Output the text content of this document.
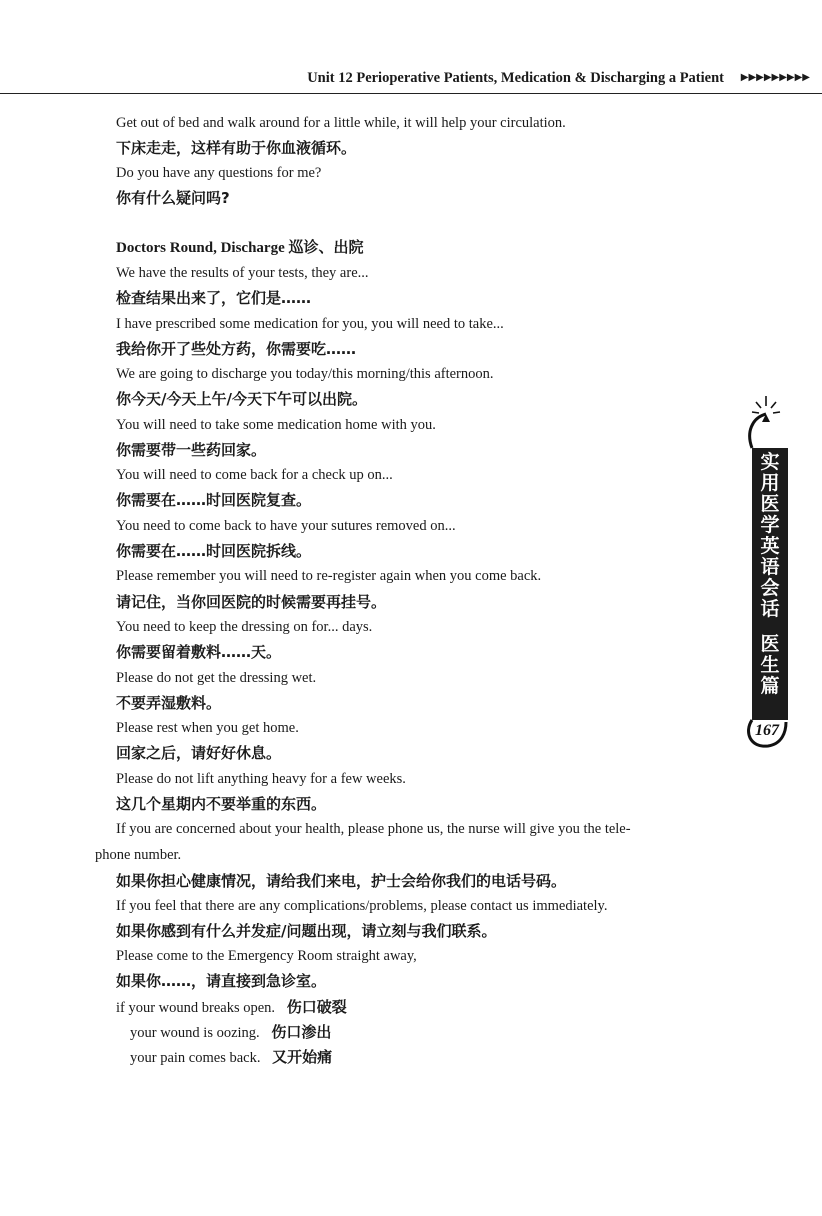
Unit 12 Perioperative Patients, Medication & Discharging a Patient ▶▶▶▶▶▶▶▶▶
Get out of bed and walk around for a little while, it will help your circulation.
下床走走，这样有助于你血液循环。
Do you have any questions for me?
你有什么疑问吗?
Doctors Round, Discharge 巡诊、出院
We have the results of your tests, they are...
检查结果出来了，它们是……
I have prescribed some medication for you, you will need to take...
我给你开了些处方药，你需要吃……
We are going to discharge you today/this morning/this afternoon.
你今天/今天上午/今天下午可以出院。
You will need to take some medication home with you.
你需要带一些药回家。
You will need to come back for a check up on...
你需要在……时回医院复查。
You need to come back to have your sutures removed on...
你需要在……时回医院拆线。
Please remember you will need to re-register again when you come back.
请记住，当你回医院的时候需要再挂号。
You need to keep the dressing on for... days.
你需要留着敷料……天。
Please do not get the dressing wet.
不要弄湿敷料。
Please rest when you get home.
回家之后，请好好休息。
Please do not lift anything heavy for a few weeks.
这几个星期内不要举重的东西。
If you are concerned about your health, please phone us, the nurse will give you the tele-
phone number.
如果你担心健康情况，请给我们来电，护士会给你我们的电话号码。
If you feel that there are any complications/problems, please contact us immediately.
如果你感到有什么并发症/问题出现，请立刻与我们联系。
Please come to the Emergency Room straight away,
如果你……，请直接到急诊室。
if your wound breaks open. 伤口破裂
your wound is oozing. 伤口渗出
your pain comes back. 又开始痛
实
用
医
学
英
语
会
话
医
生
篇
167
